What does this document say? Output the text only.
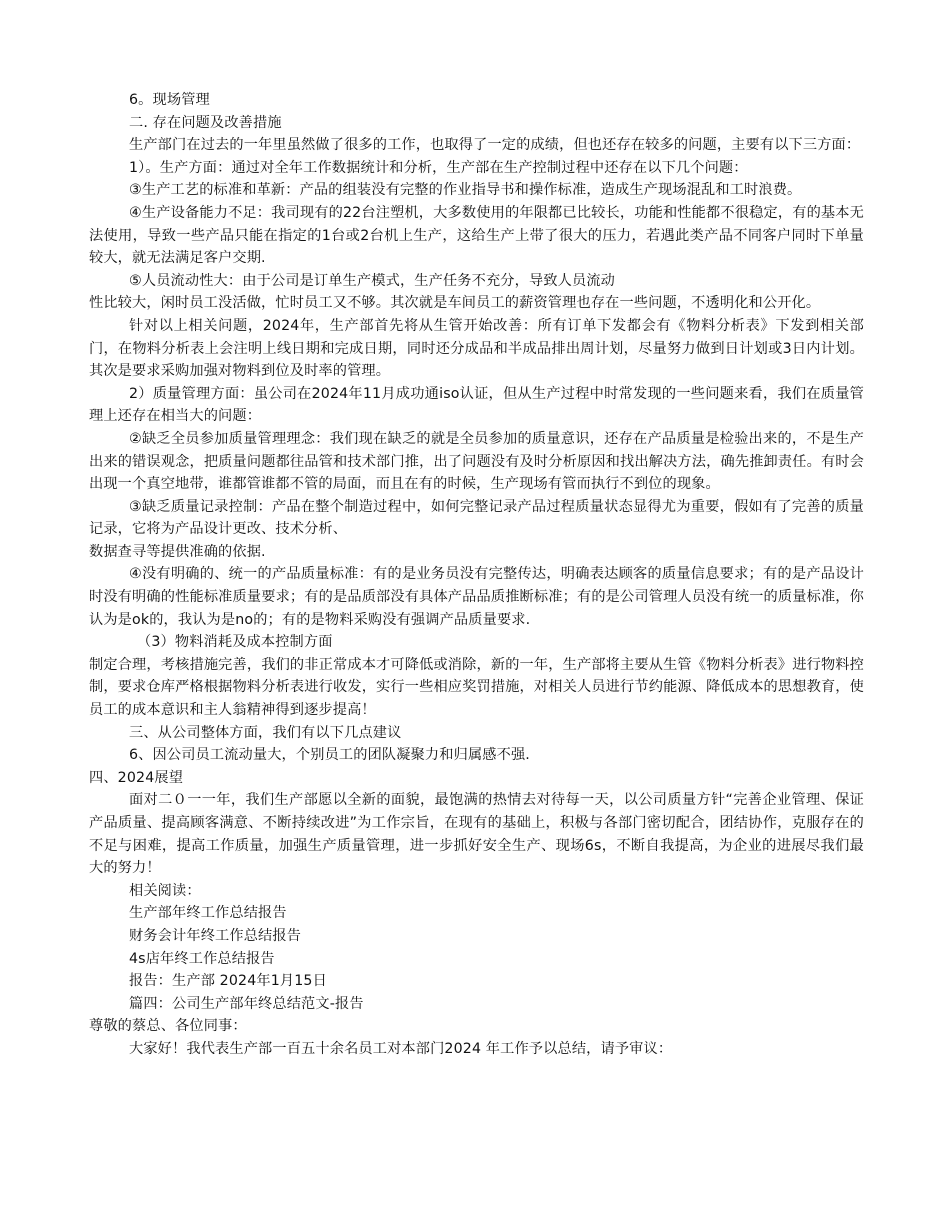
6。现场管理

二. 存在问题及改善措施

生产部门在过去的一年里虽然做了很多的工作，也取得了一定的成绩，但也还存在较多的问题，主要有以下三方面：

1）。生产方面：通过对全年工作数据统计和分析，生产部在生产控制过程中还存在以下几个问题：

③生产工艺的标准和革新：产品的组装没有完整的作业指导书和操作标准，造成生产现场混乱和工时浪费。

④生产设备能力不足：我司现有的22台注塑机，大多数使用的年限都已比较长，功能和性能都不很稳定，有的基本无法使用，导致一些产品只能在指定的1台或2台机上生产，这给生产上带了很大的压力，若遇此类产品不同客户同时下单量较大，就无法满足客户交期.

⑤人员流动性大：由于公司是订单生产模式，生产任务不充分，导致人员流动

性比较大，闲时员工没活做，忙时员工又不够。其次就是车间员工的薪资管理也存在一些问题，不透明化和公开化。

针对以上相关问题，2024年，生产部首先将从生管开始改善：所有订单下发都会有《物料分析表》下发到相关部门，在物料分析表上会注明上线日期和完成日期，同时还分成品和半成品排出周计划，尽量努力做到日计划或3日内计划。其次是要求采购加强对物料到位及时率的管理。

2）质量管理方面：虽公司在2024年11月成功通iso认证，但从生产过程中时常发现的一些问题来看，我们在质量管理上还存在相当大的问题：

②缺乏全员参加质量管理理念：我们现在缺乏的就是全员参加的质量意识，还存在产品质量是检验出来的，不是生产出来的错误观念，把质量问题都往品管和技术部门推，出了问题没有及时分析原因和找出解决方法，确先推卸责任。有时会出现一个真空地带，谁都管谁都不管的局面，而且在有的时候，生产现场有管而执行不到位的现象。

③缺乏质量记录控制：产品在整个制造过程中，如何完整记录产品过程质量状态显得尤为重要，假如有了完善的质量记录，它将为产品设计更改、技术分析、

数据查寻等提供准确的依据.

④没有明确的、统一的产品质量标准：有的是业务员没有完整传达，明确表达顾客的质量信息要求；有的是产品设计时没有明确的性能标准质量要求；有的是品质部没有具体产品品质推断标准；有的是公司管理人员没有统一的质量标准，你认为是ok的，我认为是no的；有的是物料采购没有强调产品质量要求.

（3）物料消耗及成本控制方面

制定合理，考核措施完善，我们的非正常成本才可降低或消除，新的一年，生产部将主要从生管《物料分析表》进行物料控制，要求仓库严格根据物料分析表进行收发，实行一些相应奖罚措施，对相关人员进行节约能源、降低成本的思想教育，使员工的成本意识和主人翁精神得到逐步提高！

三、从公司整体方面，我们有以下几点建议

6、因公司员工流动量大，个别员工的团队凝聚力和归属感不强.

四、2024展望

面对二０一一年，我们生产部愿以全新的面貌，最饱满的热情去对待每一天，以公司质量方针“完善企业管理、保证产品质量、提高顾客满意、不断持续改进”为工作宗旨，在现有的基础上，积极与各部门密切配合，团结协作，克服存在的不足与困难，提高工作质量，加强生产质量管理，进一步抓好安全生产、现场6s，不断自我提高，为企业的进展尽我们最大的努力！

相关阅读：

生产部年终工作总结报告

财务会计年终工作总结报告

4s店年终工作总结报告

报告：生产部 2024年1月15日

篇四：公司生产部年终总结范文-报告

尊敬的蔡总、各位同事：

大家好！我代表生产部一百五十余名员工对本部门2024 年工作予以总结，请予审议：
